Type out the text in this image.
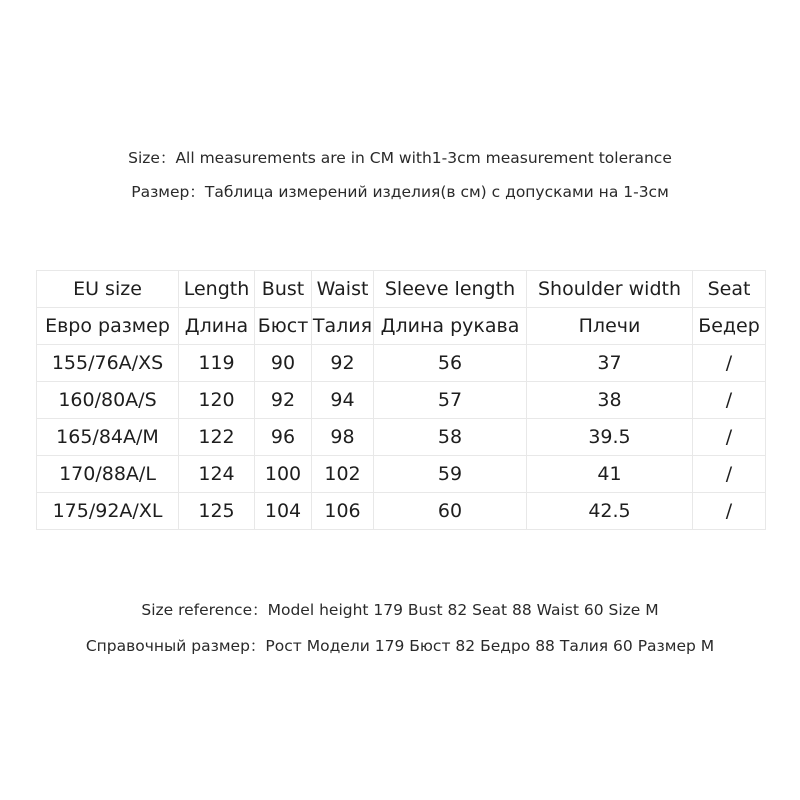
Size：All measurements are in CM with1-3cm measurement tolerance
Размер：Таблица измерений изделия(в см) с допусками на 1-3см
EU size	Length	Bust	Waist	Sleeve length	Shoulder width	Seat
Евро размер	Длина	Бюст	Талия	Длина рукава	Плечи	Бедер
155/76A/XS	119	90	92	56	37	/
160/80A/S	120	92	94	57	38	/
165/84A/M	122	96	98	58	39.5	/
170/88A/L	124	100	102	59	41	/
175/92A/XL	125	104	106	60	42.5	/
Size reference：Model height 179 Bust 82 Seat 88 Waist 60 Size M
Справочный размер：Рост Модели 179 Бюст 82 Бедро 88 Талия 60 Размер M
